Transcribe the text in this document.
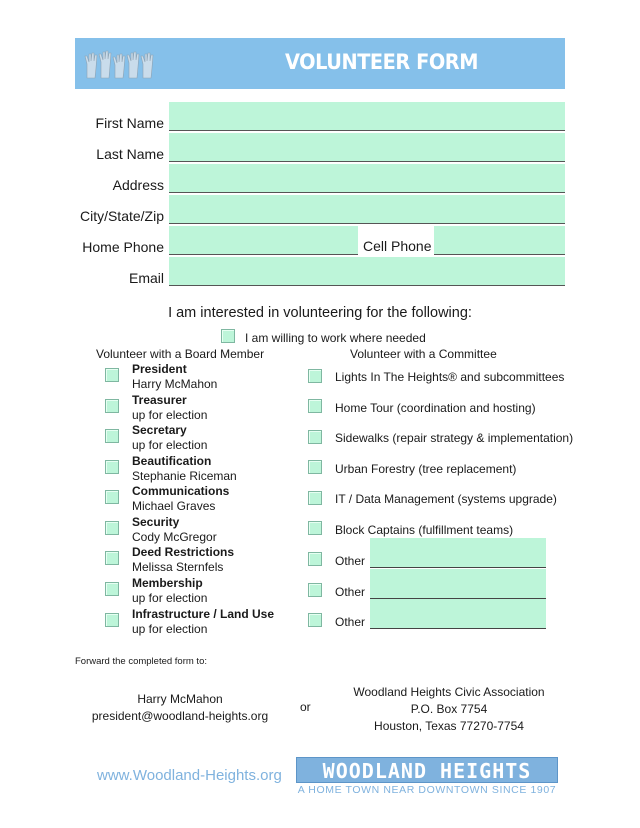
VOLUNTEER FORM
First Name
Last Name
Address
City/State/Zip
Home Phone	Cell Phone
Email
I am interested in volunteering for the following:
I am willing to work where needed
Volunteer with a Board Member	Volunteer with a Committee
President
Harry McMahon
Treasurer
up for election
Secretary
up for election
Beautification
Stephanie Riceman
Communications
Michael Graves
Security
Cody McGregor
Deed Restrictions
Melissa Sternfels
Membership
up for election
Infrastructure / Land Use
up for election
Lights In The Heights® and subcommittees
Home Tour (coordination and hosting)
Sidewalks (repair strategy & implementation)
Urban Forestry (tree replacement)
IT / Data Management (systems upgrade)
Block Captains (fulfillment teams)
Other
Other
Other
Forward the completed form to:
Harry McMahon
president@woodland-heights.org
or
Woodland Heights Civic Association
P.O. Box 7754
Houston, Texas 77270-7754
www.Woodland-Heights.org	WOODLAND HEIGHTS
A HOME TOWN NEAR DOWNTOWN SINCE 1907
